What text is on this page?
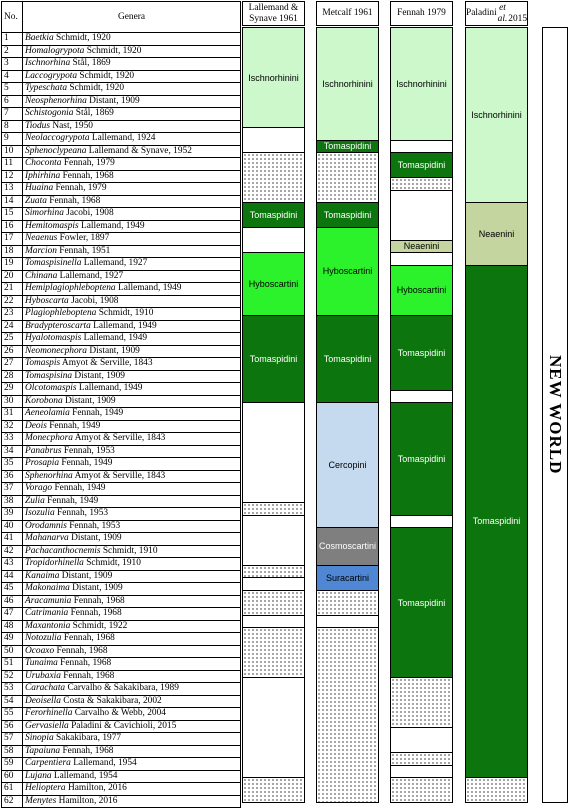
No.	Genera
1	Baetkia Schmidt, 1920
2	Homalogrypota Schmidt, 1920
3	Ischnorhina Stål, 1869
4	Laccogrypota Schmidt, 1920
5	Typeschata Schmidt, 1920
6	Neosphenorhina Distant, 1909
7	Schistogonia Stål, 1869
8	Tiodus Nast, 1950
9	Neolaccogrypota Lallemand, 1924
10	Sphenoclypeana Lallemand & Synave, 1952
11	Choconta Fennah, 1979
12	Iphirhina Fennah, 1968
13	Huaina Fennah, 1979
14	Zuata Fennah, 1968
15	Simorhina Jacobi, 1908
16	Hemitomaspis Lallemand, 1949
17	Neaenus Fowler, 1897
18	Marcion Fennah, 1951
19	Tomaspisinella Lallemand, 1927
20	Chinana Lallemand, 1927
21	Hemiplagiophleboptena Lallemand, 1949
22	Hyboscarta Jacobi, 1908
23	Plagiophleboptena Schmidt, 1910
24	Bradypteroscarta Lallemand, 1949
25	Hyalotomaspis Lallemand, 1949
26	Neomonecphora Distant, 1909
27	Tomaspis Amyot & Serville, 1843
28	Tomaspisina Distant, 1909
29	Olcotomaspis Lallemand, 1949
30	Korobona Distant, 1909
31	Aeneolamia Fennah, 1949
32	Deois Fennah, 1949
33	Monecphora Amyot & Serville, 1843
34	Panabrus Fennah, 1953
35	Prosapia Fennah, 1949
36	Sphenorhina Amyot & Serville, 1843
37	Vorago Fennah, 1949
38	Zulia Fennah, 1949
39	Isozulia Fennah, 1953
40	Orodamnis Fennah, 1953
41	Mahanarva Distant, 1909
42	Pachacanthocnemis Schmidt, 1910
43	Tropidorhinella Schmidt, 1910
44	Kanaima Distant, 1909
45	Makonaima Distant, 1909
46	Aracamunia Fennah, 1968
47	Catrimania Fennah, 1968
48	Maxantonia Schmidt, 1922
49	Notozulia Fennah, 1968
50	Ocoaxo Fennah, 1968
51	Tunaima Fennah, 1968
52	Urubaxia Fennah, 1968
53	Carachata Carvalho & Sakakibara, 1989
54	Deoisella Costa & Sakakibara, 2002
55	Ferorhinella Carvalho & Webb, 2004
56	Gervasiella Paladini & Cavichioli, 2015
57	Sinopia Sakakibara, 1977
58	Tapaiuna Fennah, 1968
59	Carpentiera Lallemand, 1954
60	Lujana Lallemand, 1954
61	Helioptera Hamilton, 2016
62	Menytes Hamilton, 2016
Lallemand &
Synave 1961
Ischnorhinini
Tomaspidini
Hyboscartini
Tomaspidini
Metcalf 1961
Ischnorhinini
Tomaspidini
Tomaspidini
Hyboscartini
Tomaspidini
Cercopini
Cosmoscartini
Suracartini
Fennah 1979
Ischnorhinini
Tomaspidini
Neaenini
Hyboscartini
Tomaspidini
Tomaspidini
Tomaspidini
Paladini
et al.
2015
Ischnorhinini
Neaenini
Tomaspidini
NEW WORLD
